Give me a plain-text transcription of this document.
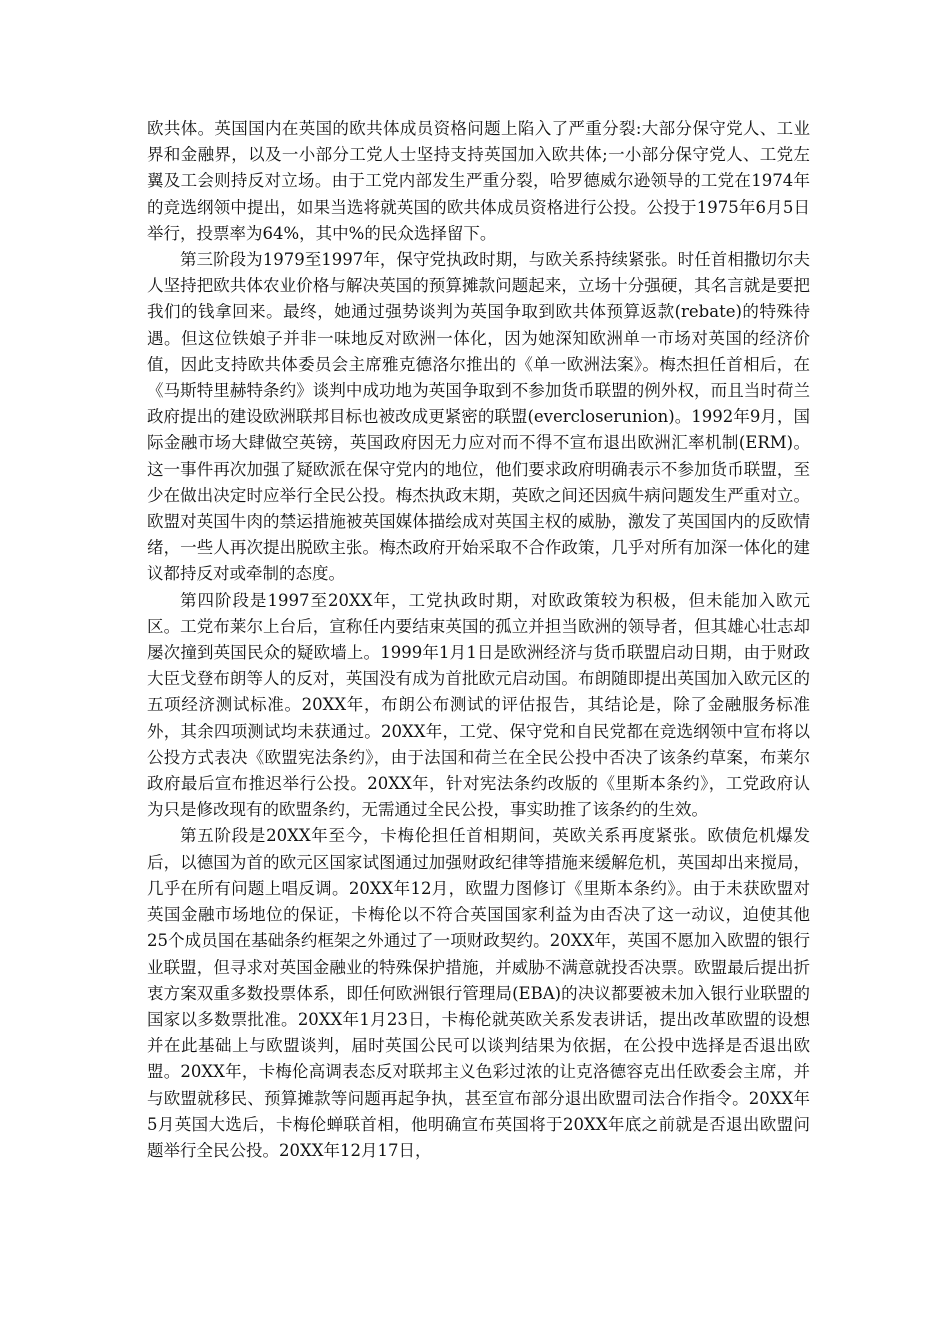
欧共体。英国国内在英国的欧共体成员资格问题上陷入了严重分裂:大部分保守党人、工业界和金融界，以及一小部分工党人士坚持支持英国加入欧共体;一小部分保守党人、工党左翼及工会则持反对立场。由于工党内部发生严重分裂，哈罗德威尔逊领导的工党在1974年的竞选纲领中提出，如果当选将就英国的欧共体成员资格进行公投。公投于1975年6月5日举行，投票率为64%，其中%的民众选择留下。

第三阶段为1979至1997年，保守党执政时期，与欧关系持续紧张。时任首相撒切尔夫人坚持把欧共体农业价格与解决英国的预算摊款问题起来，立场十分强硬，其名言就是要把我们的钱拿回来。最终，她通过强势谈判为英国争取到欧共体预算返款(rebate)的特殊待遇。但这位铁娘子并非一味地反对欧洲一体化，因为她深知欧洲单一市场对英国的经济价值，因此支持欧共体委员会主席雅克德洛尔推出的《单一欧洲法案》。梅杰担任首相后，在《马斯特里赫特条约》谈判中成功地为英国争取到不参加货币联盟的例外权，而且当时荷兰政府提出的建设欧洲联邦目标也被改成更紧密的联盟(evercloserunion)。1992年9月，国际金融市场大肆做空英镑，英国政府因无力应对而不得不宣布退出欧洲汇率机制(ERM)。这一事件再次加强了疑欧派在保守党内的地位，他们要求政府明确表示不参加货币联盟，至少在做出决定时应举行全民公投。梅杰执政末期，英欧之间还因疯牛病问题发生严重对立。欧盟对英国牛肉的禁运措施被英国媒体描绘成对英国主权的威胁，激发了英国国内的反欧情绪，一些人再次提出脱欧主张。梅杰政府开始采取不合作政策，几乎对所有加深一体化的建议都持反对或牵制的态度。

第四阶段是1997至20XX年，工党执政时期，对欧政策较为积极，但未能加入欧元区。工党布莱尔上台后，宣称任内要结束英国的孤立并担当欧洲的领导者，但其雄心壮志却屡次撞到英国民众的疑欧墙上。1999年1月1日是欧洲经济与货币联盟启动日期，由于财政大臣戈登布朗等人的反对，英国没有成为首批欧元启动国。布朗随即提出英国加入欧元区的五项经济测试标准。20XX年，布朗公布测试的评估报告，其结论是，除了金融服务标准外，其余四项测试均未获通过。20XX年，工党、保守党和自民党都在竞选纲领中宣布将以公投方式表决《欧盟宪法条约》，由于法国和荷兰在全民公投中否决了该条约草案，布莱尔政府最后宣布推迟举行公投。20XX年，针对宪法条约改版的《里斯本条约》，工党政府认为只是修改现有的欧盟条约，无需通过全民公投，事实助推了该条约的生效。

第五阶段是20XX年至今，卡梅伦担任首相期间，英欧关系再度紧张。欧债危机爆发后，以德国为首的欧元区国家试图通过加强财政纪律等措施来缓解危机，英国却出来搅局，几乎在所有问题上唱反调。20XX年12月，欧盟力图修订《里斯本条约》。由于未获欧盟对英国金融市场地位的保证，卡梅伦以不符合英国国家利益为由否决了这一动议，迫使其他25个成员国在基础条约框架之外通过了一项财政契约。20XX年，英国不愿加入欧盟的银行业联盟，但寻求对英国金融业的特殊保护措施，并威胁不满意就投否决票。欧盟最后提出折衷方案双重多数投票体系，即任何欧洲银行管理局(EBA)的决议都要被未加入银行业联盟的国家以多数票批准。20XX年1月23日，卡梅伦就英欧关系发表讲话，提出改革欧盟的设想并在此基础上与欧盟谈判，届时英国公民可以谈判结果为依据，在公投中选择是否退出欧盟。20XX年，卡梅伦高调表态反对联邦主义色彩过浓的让克洛德容克出任欧委会主席，并与欧盟就移民、预算摊款等问题再起争执，甚至宣布部分退出欧盟司法合作指令。20XX年5月英国大选后，卡梅伦蝉联首相，他明确宣布英国将于20XX年底之前就是否退出欧盟问题举行全民公投。20XX年12月17日，
